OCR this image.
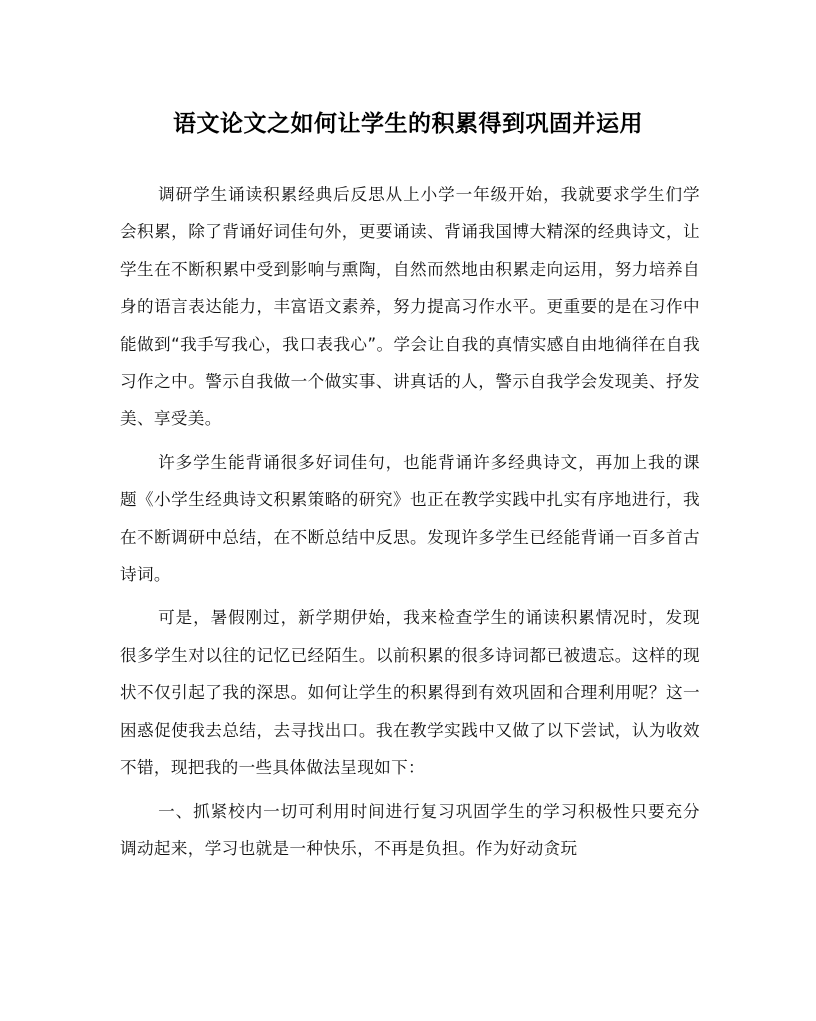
语文论文之如何让学生的积累得到巩固并运用

调研学生诵读积累经典后反思从上小学一年级开始，我就要求学生们学会积累，除了背诵好词佳句外，更要诵读、背诵我国博大精深的经典诗文，让学生在不断积累中受到影响与熏陶，自然而然地由积累走向运用，努力培养自身的语言表达能力，丰富语文素养，努力提高习作水平。更重要的是在习作中能做到“我手写我心，我口表我心”。学会让自我的真情实感自由地徜徉在自我习作之中。警示自我做一个做实事、讲真话的人，警示自我学会发现美、抒发美、享受美。

许多学生能背诵很多好词佳句，也能背诵许多经典诗文，再加上我的课题《小学生经典诗文积累策略的研究》也正在教学实践中扎实有序地进行，我在不断调研中总结，在不断总结中反思。发现许多学生已经能背诵一百多首古诗词。

可是，暑假刚过，新学期伊始，我来检查学生的诵读积累情况时，发现很多学生对以往的记忆已经陌生。以前积累的很多诗词都已被遗忘。这样的现状不仅引起了我的深思。如何让学生的积累得到有效巩固和合理利用呢？这一困惑促使我去总结，去寻找出口。我在教学实践中又做了以下尝试，认为收效不错，现把我的一些具体做法呈现如下：

一、抓紧校内一切可利用时间进行复习巩固学生的学习积极性只要充分调动起来，学习也就是一种快乐，不再是负担。作为好动贪玩
